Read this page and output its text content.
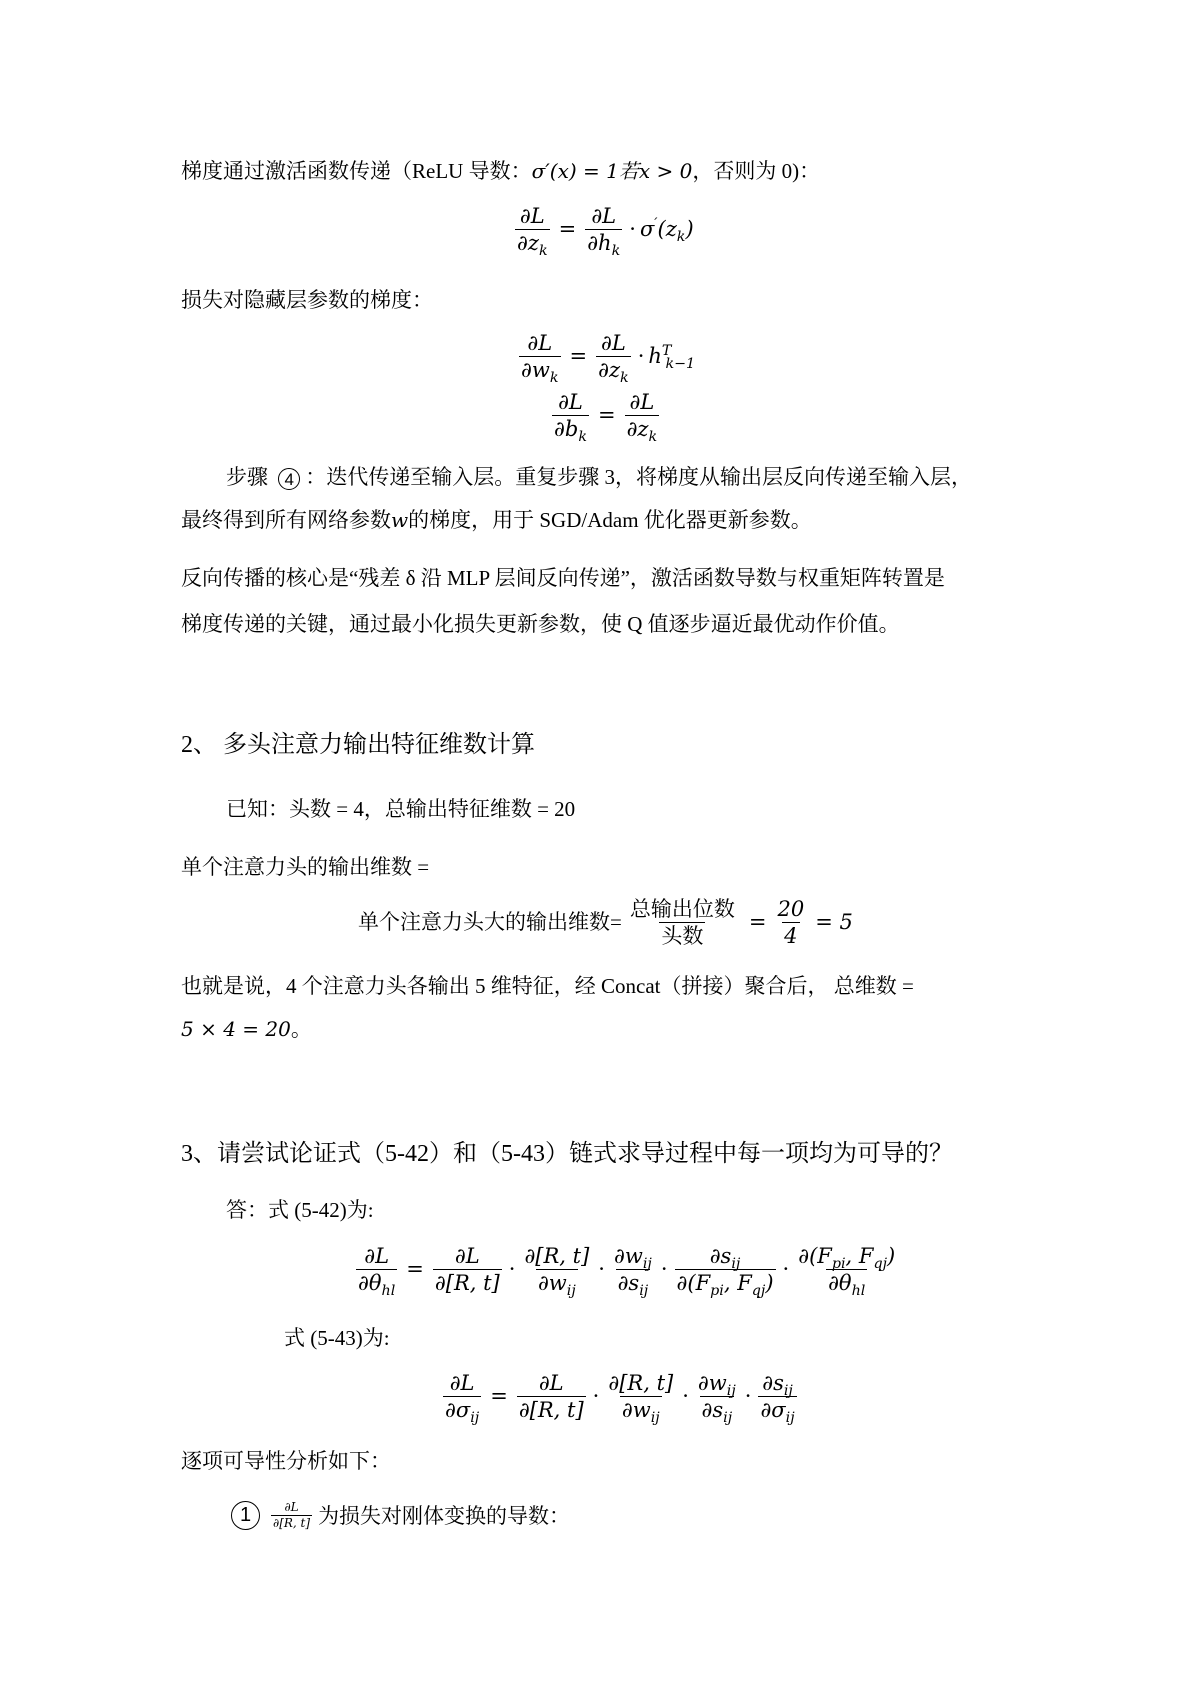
梯度通过激活函数传递（ReLU 导数：σ′(x) = 1若x > 0，否则为 0)：
$\frac{\partial L}{\partial z_k} = \frac{\partial L}{\partial h_k} \cdot \sigma'(z_k)$
损失对隐藏层参数的梯度：
$\frac{\partial L}{\partial w_k} = \frac{\partial L}{\partial z_k} \cdot h^T_{k-1}$
$\frac{\partial L}{\partial b_k} = \frac{\partial L}{\partial z_k}$
步骤 4 ：迭代传递至输入层。重复步骤 3，将梯度从输出层反向传递至输入层，
最终得到所有网络参数w的梯度，用于 SGD/Adam 优化器更新参数。
反向传播的核心是“残差 δ 沿 MLP 层间反向传递”，激活函数导数与权重矩阵转置是
梯度传递的关键，通过最小化损失更新参数，使 Q 值逐步逼近最优动作价值。
2、 多头注意力输出特征维数计算
已知：头数 = 4，总输出特征维数 = 20
单个注意力头的输出维数 =
单个注意力头大的输出维数= $\frac{\text{总输出位数}}{\text{头数}} = \frac{20}{4} = 5$
也就是说，4 个注意力头各输出 5 维特征，经 Concat（拼接）聚合后， 总维数 =
5 × 4 = 20。
3、请尝试论证式（5-42）和（5-43）链式求导过程中每一项均为可导的？
答：式 (5-42)为:
$\frac{\partial L}{\partial\theta_{hl}} = \frac{\partial L}{\partial[R, t]} \cdot \frac{\partial[R, t]}{\partial w_{ij}} \cdot \frac{\partial w_{ij}}{\partial s_{ij}} \cdot \frac{\partial s_{ij}}{\partial(F_{pi}, F_{qj})} \cdot \frac{\partial(F_{pi}, F_{qj})}{\partial\theta_{hl}}$
式 (5-43)为:
$\frac{\partial L}{\partial\sigma_{ij}} = \frac{\partial L}{\partial[R, t]} \cdot \frac{\partial[R, t]}{\partial w_{ij}} \cdot \frac{\partial w_{ij}}{\partial s_{ij}} \cdot \frac{\partial s_{ij}}{\partial\sigma_{ij}}$
逐项可导性分析如下：
1	$\frac{\partial L}{\partial[R, t]}$ 为损失对刚体变换的导数：
